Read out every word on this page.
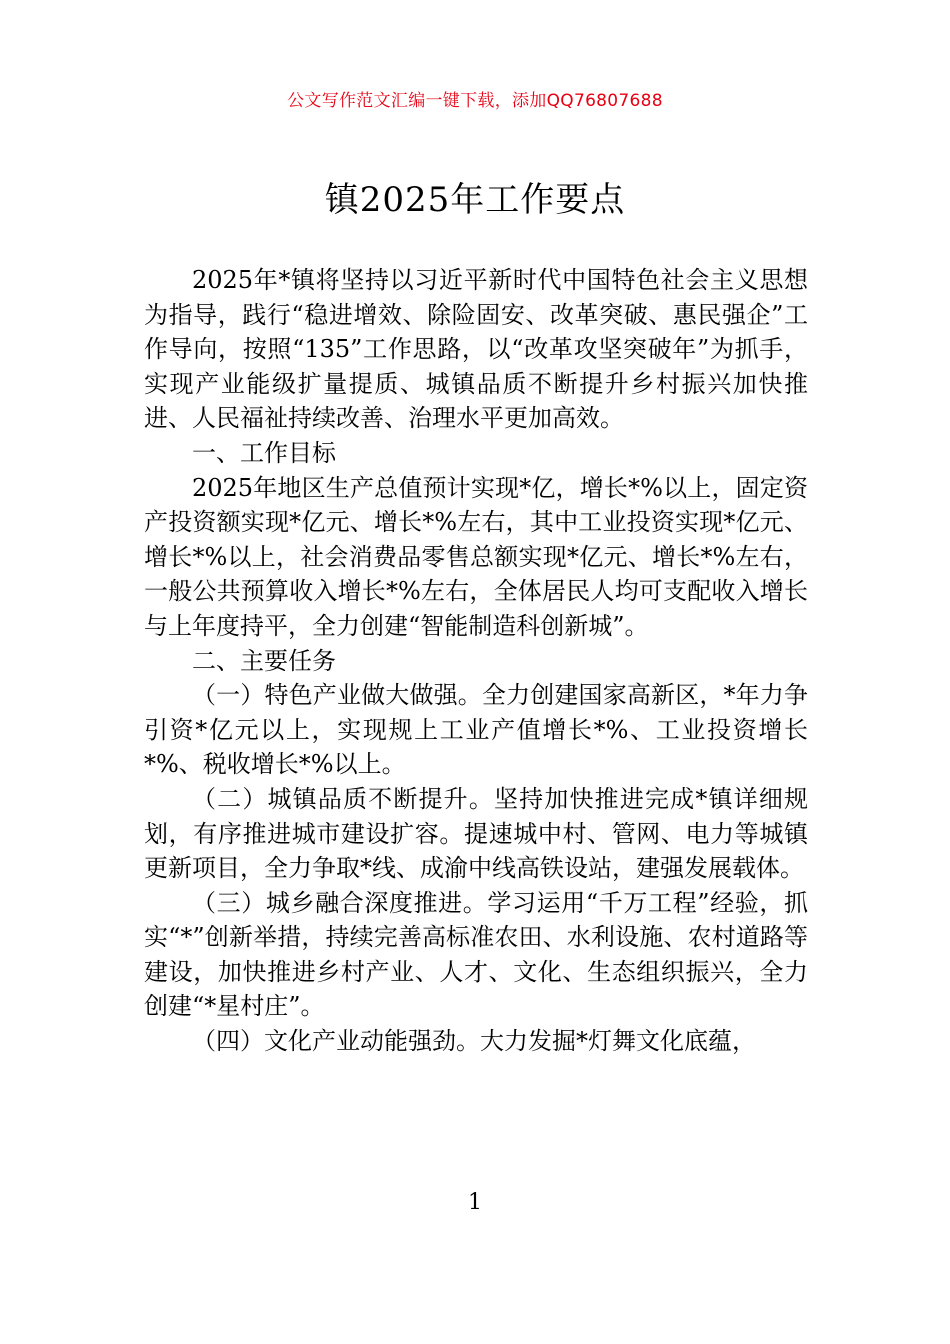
公文写作范文汇编一键下载，添加QQ76807688
镇2025年工作要点

2025年*镇将坚持以习近平新时代中国特色社会主义思想为指导，践行“稳进增效、除险固安、改革突破、惠民强企”工作导向，按照“135”工作思路，以“改革攻坚突破年”为抓手，实现产业能级扩量提质、城镇品质不断提升乡村振兴加快推进、人民福祉持续改善、治理水平更加高效。

一、工作目标

2025年地区生产总值预计实现*亿，增长*%以上，固定资产投资额实现*亿元、增长*%左右，其中工业投资实现*亿元、增长*%以上，社会消费品零售总额实现*亿元、增长*%左右，一般公共预算收入增长*%左右，全体居民人均可支配收入增长与上年度持平，全力创建“智能制造科创新城”。

二、主要任务

（一）特色产业做大做强。全力创建国家高新区，*年力争引资*亿元以上，实现规上工业产值增长*%、工业投资增长*%、税收增长*%以上。

（二）城镇品质不断提升。坚持加快推进完成*镇详细规划，有序推进城市建设扩容。提速城中村、管网、电力等城镇更新项目，全力争取*线、成渝中线高铁设站，建强发展载体。

（三）城乡融合深度推进。学习运用“千万工程”经验，抓实“*”创新举措，持续完善高标准农田、水利设施、农村道路等建设，加快推进乡村产业、人才、文化、生态组织振兴，全力创建“*星村庄”。

（四）文化产业动能强劲。大力发掘*灯舞文化底蕴，

1
